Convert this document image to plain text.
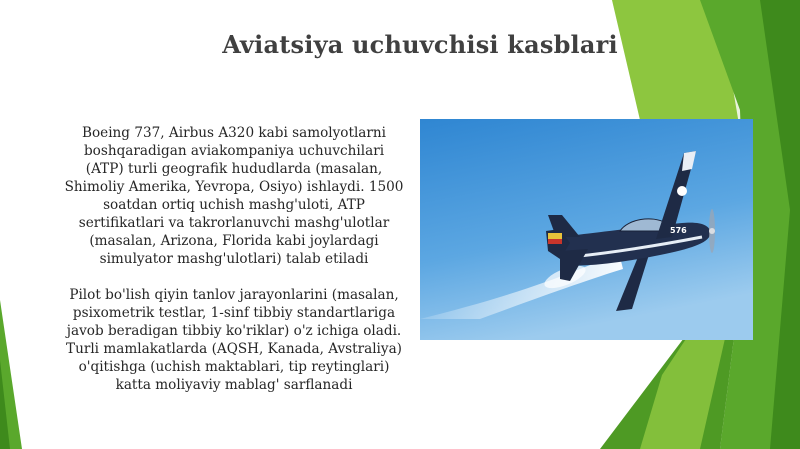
Aviatsiya uchuvchisi kasblari

Boeing 737, Airbus A320 kabi samolyotlarni
boshqaradigan aviakompaniya uchuvchilari
(ATP) turli geografik hududlarda (masalan,
Shimoliy Amerika, Yevropa, Osiyo) ishlaydi. 1500
soatdan ortiq uchish mashg'uloti, ATP
sertifikatlari va takrorlanuvchi mashg'ulotlar
(masalan, Arizona, Florida kabi joylardagi
simulyator mashg'ulotlari) talab etiladi

Pilot bo'lish qiyin tanlov jarayonlarini (masalan,
psixometrik testlar, 1-sinf tibbiy standartlariga
javob beradigan tibbiy ko'riklar) o'z ichiga oladi.
Turli mamlakatlarda (AQSH, Kanada, Avstraliya)
o'qitishga (uchish maktablari, tip reytinglari)
katta moliyaviy mablag' sarflanadi

576
